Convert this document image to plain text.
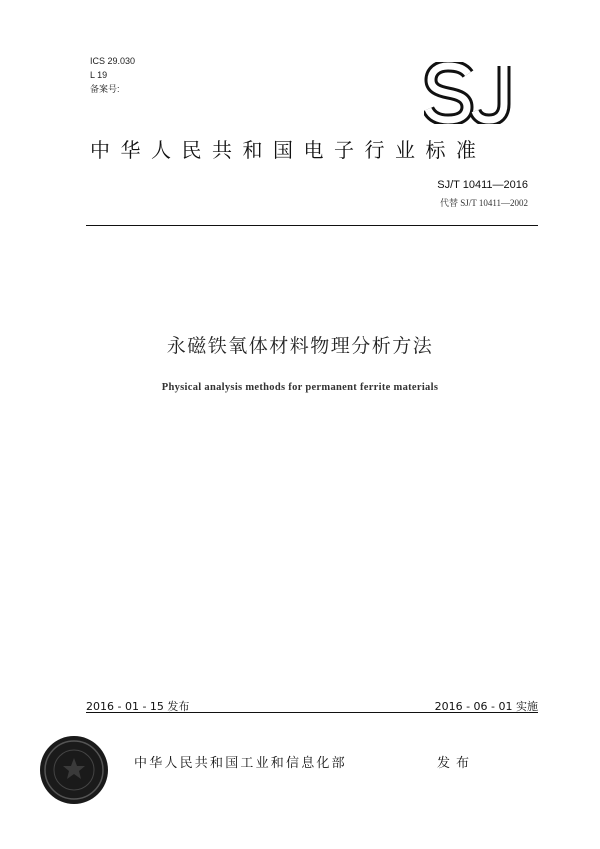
ICS 29.030
L 19
备案号:
中华人民共和国电子行业标准
SJ/T 10411—2016
代替 SJ/T 10411—2002
永磁铁氧体材料物理分析方法
Physical analysis methods for permanent ferrite materials
2016 - 01 - 15 发布	2016 - 06 - 01 实施
中华人民共和国工业和信息化部	发布
